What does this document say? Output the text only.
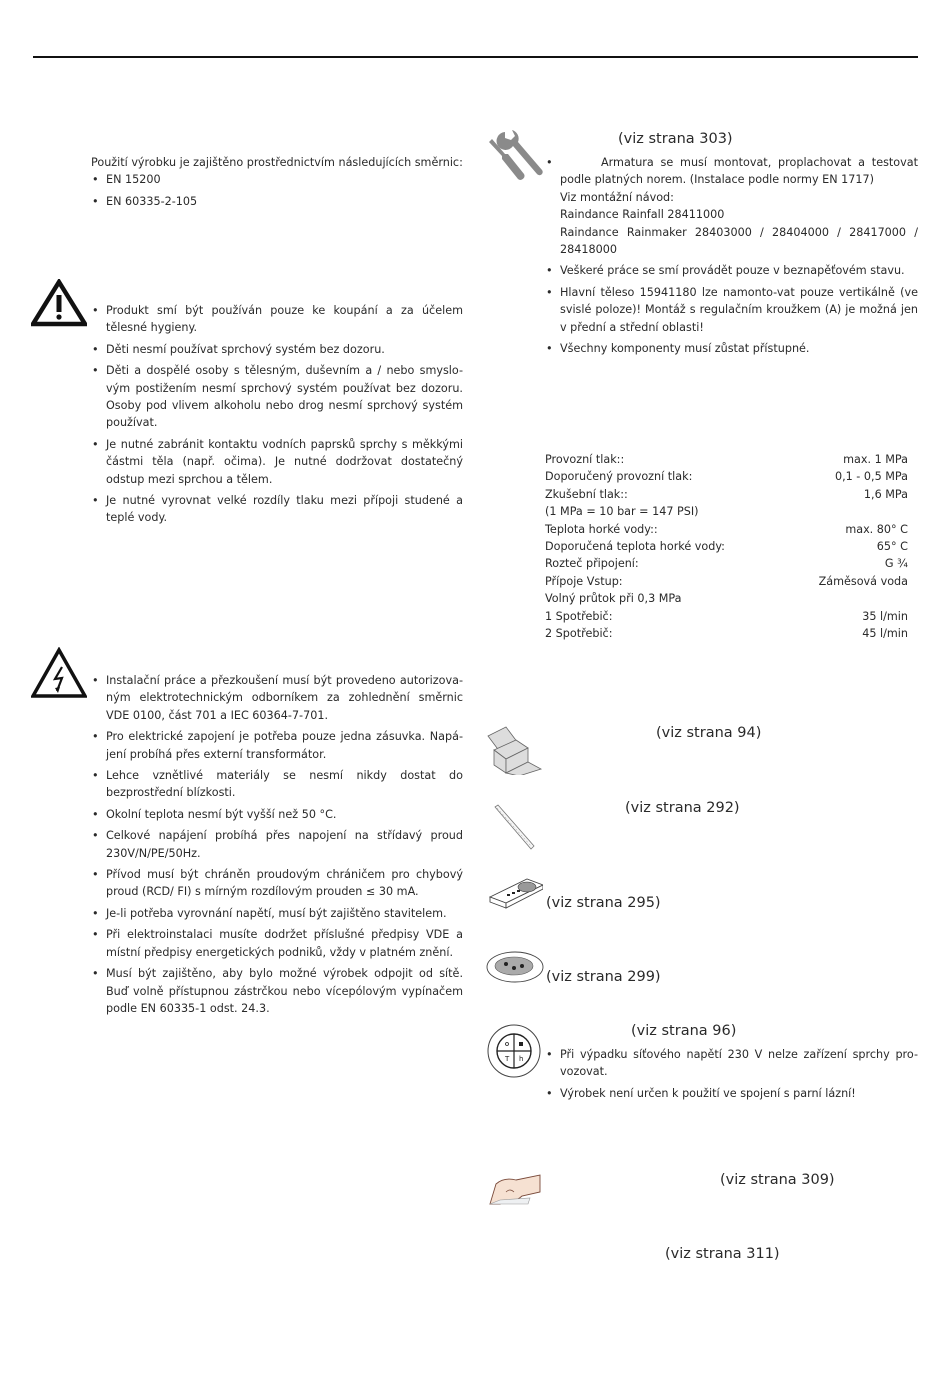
Použití výrobku je zajištěno prostřednictvím následujících směrnic:
• EN 15200
• EN 60335-2-105
• Produkt smí být používán pouze ke koupání a za účelem tělesné hygieny.
• Děti nesmí používat sprchový systém bez dozoru.
• Děti a dospělé osoby s tělesným, duševním a / nebo smyslo-vým postižením nesmí sprchový systém používat bez dozoru. Osoby pod vlivem alkoholu nebo drog nesmí sprchový systém používat.
• Je nutné zabránit kontaktu vodních paprsků sprchy s měkkými částmi těla (např. očima). Je nutné dodržovat dostatečný odstup mezi sprchou a tělem.
• Je nutné vyrovnat velké rozdíly tlaku mezi přípoji studené a teplé vody.
• Instalační práce a přezkoušení musí být provedeno autorizova-ným elektrotechnickým odborníkem za zohlednění směrnic VDE 0100, část 701 a IEC 60364-7-701.
• Pro elektrické zapojení je potřeba pouze jedna zásuvka. Napá-jení probíhá přes externí transformátor.
• Lehce vznětlivé materiály se nesmí nikdy dostat do bezprostřední blízkosti.
• Okolní teplota nesmí být vyšší než 50 °C.
• Celkové napájení probíhá přes napojení na střídavý proud 230V/N/PE/50Hz.
• Přívod musí být chráněn proudovým chráničem pro chybový proud (RCD/ FI) s mírným rozdílovým prouden ≤ 30 mA.
• Je-li potřeba vyrovnání napětí, musí být zajištěno stavitelem.
• Při elektroinstalaci musíte dodržet příslušné předpisy VDE a místní předpisy energetických podniků, vždy v platném znění.
• Musí být zajištěno, aby bylo možné výrobek odpojit od sítě. Buď volně přístupnou zástrčkou nebo vícepólovým vypínačem podle EN 60335-1 odst. 24.3.
(viz strana 303)
• Armatura se musí montovat, proplachovat a testovat podle platných norem. (Instalace podle normy EN 1717)
Viz montážní návod:
Raindance Rainfall 28411000
Raindance Rainmaker 28403000 / 28404000 / 28417000 / 28418000
• Veškeré práce se smí provádět pouze v beznapěťovém stavu.
• Hlavní těleso 15941180 lze namonto-vat pouze vertikálně (ve svislé poloze)! Montáž s regulačním kroužkem (A) je možná jen v přední a střední oblasti!
• Všechny komponenty musí zůstat přístupné.
Provozní tlak::	max. 1 MPa
Doporučený provozní tlak:	0,1 - 0,5 MPa
Zkušební tlak::	1,6 MPa
(1 MPa = 10 bar = 147 PSI)
Teplota horké vody::	max. 80° C
Doporučená teplota horké vody:	65° C
Rozteč připojení:	G ¾
Přípoje Vstup:	Záměsová voda
Volný průtok při 0,3 MPa
1 Spotřebič:	35 l/min
2 Spotřebič:	45 l/min
(viz strana 94)
(viz strana 292)
(viz strana 295)
(viz strana 299)
T h
(viz strana 96)
• Při výpadku síťového napětí 230 V nelze zařízení sprchy pro-vozovat.
• Výrobek není určen k použití ve spojení s parní lázní!
(viz strana 309)
(viz strana 311)
